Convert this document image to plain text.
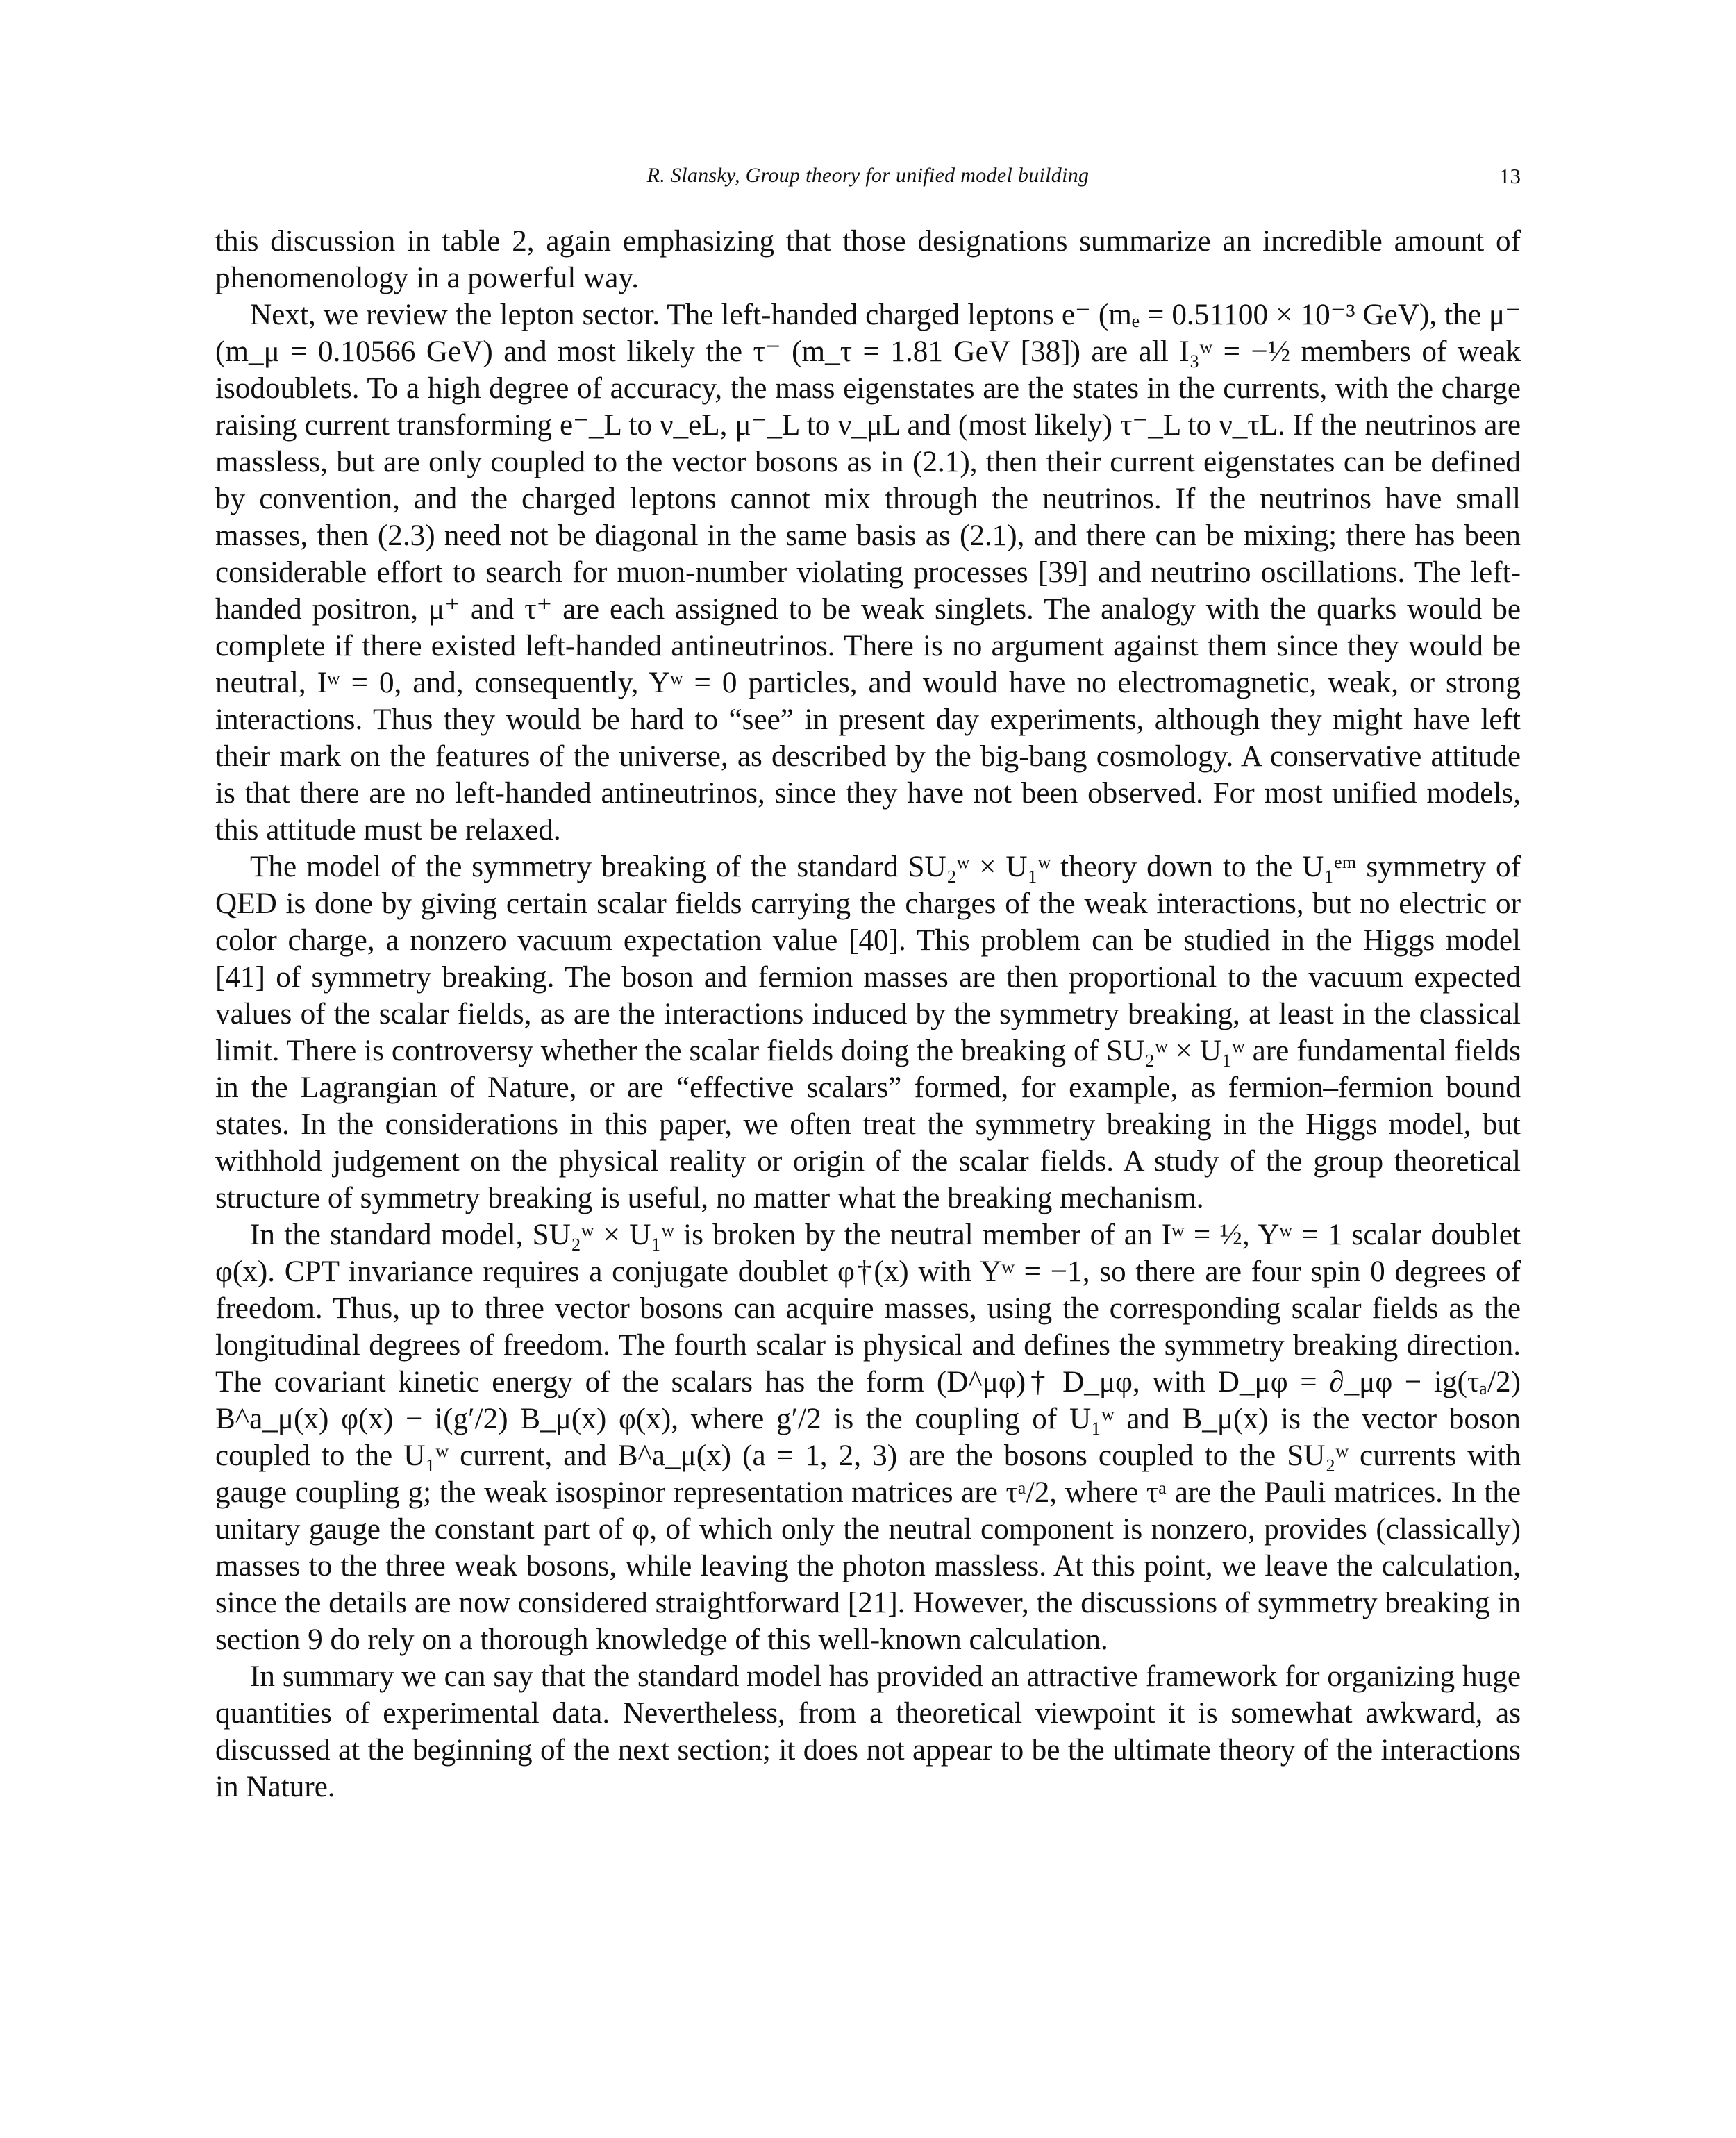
R. Slansky, Group theory for unified model building	13

this discussion in table 2, again emphasizing that those designations summarize an incredible amount of phenomenology in a powerful way.

Next, we review the lepton sector. The left-handed charged leptons e⁻ (mₑ = 0.51100 × 10⁻³ GeV), the μ⁻ (m_μ = 0.10566 GeV) and most likely the τ⁻ (m_τ = 1.81 GeV [38]) are all I₃ʷ = −½ members of weak isodoublets. To a high degree of accuracy, the mass eigenstates are the states in the currents, with the charge raising current transforming e⁻_L to ν_eL, μ⁻_L to ν_μL and (most likely) τ⁻_L to ν_τL. If the neutrinos are massless, but are only coupled to the vector bosons as in (2.1), then their current eigenstates can be defined by convention, and the charged leptons cannot mix through the neutrinos. If the neutrinos have small masses, then (2.3) need not be diagonal in the same basis as (2.1), and there can be mixing; there has been considerable effort to search for muon-number violating processes [39] and neutrino oscillations. The left-handed positron, μ⁺ and τ⁺ are each assigned to be weak singlets. The analogy with the quarks would be complete if there existed left-handed antineutrinos. There is no argument against them since they would be neutral, Iʷ = 0, and, consequently, Yʷ = 0 particles, and would have no electromagnetic, weak, or strong interactions. Thus they would be hard to “see” in present day experiments, although they might have left their mark on the features of the universe, as described by the big-bang cosmology. A conservative attitude is that there are no left-handed antineutrinos, since they have not been observed. For most unified models, this attitude must be relaxed.

The model of the symmetry breaking of the standard SU₂ʷ × U₁ʷ theory down to the U₁ᵉᵐ symmetry of QED is done by giving certain scalar fields carrying the charges of the weak interactions, but no electric or color charge, a nonzero vacuum expectation value [40]. This problem can be studied in the Higgs model [41] of symmetry breaking. The boson and fermion masses are then proportional to the vacuum expected values of the scalar fields, as are the interactions induced by the symmetry breaking, at least in the classical limit. There is controversy whether the scalar fields doing the breaking of SU₂ʷ × U₁ʷ are fundamental fields in the Lagrangian of Nature, or are “effective scalars” formed, for example, as fermion–fermion bound states. In the considerations in this paper, we often treat the symmetry breaking in the Higgs model, but withhold judgement on the physical reality or origin of the scalar fields. A study of the group theoretical structure of symmetry breaking is useful, no matter what the breaking mechanism.

In the standard model, SU₂ʷ × U₁ʷ is broken by the neutral member of an Iʷ = ½, Yʷ = 1 scalar doublet φ(x). CPT invariance requires a conjugate doublet φ†(x) with Yʷ = −1, so there are four spin 0 degrees of freedom. Thus, up to three vector bosons can acquire masses, using the corresponding scalar fields as the longitudinal degrees of freedom. The fourth scalar is physical and defines the symmetry breaking direction. The covariant kinetic energy of the scalars has the form (D^μφ)† D_μφ, with D_μφ = ∂_μφ − ig(τₐ/2) B^a_μ(x) φ(x) − i(g′/2) B_μ(x) φ(x), where g′/2 is the coupling of U₁ʷ and B_μ(x) is the vector boson coupled to the U₁ʷ current, and B^a_μ(x) (a = 1, 2, 3) are the bosons coupled to the SU₂ʷ currents with gauge coupling g; the weak isospinor representation matrices are τᵃ/2, where τᵃ are the Pauli matrices. In the unitary gauge the constant part of φ, of which only the neutral component is nonzero, provides (classically) masses to the three weak bosons, while leaving the photon massless. At this point, we leave the calculation, since the details are now considered straightforward [21]. However, the discussions of symmetry breaking in section 9 do rely on a thorough knowledge of this well-known calculation.

In summary we can say that the standard model has provided an attractive framework for organizing huge quantities of experimental data. Nevertheless, from a theoretical viewpoint it is somewhat awkward, as discussed at the beginning of the next section; it does not appear to be the ultimate theory of the interactions in Nature.
